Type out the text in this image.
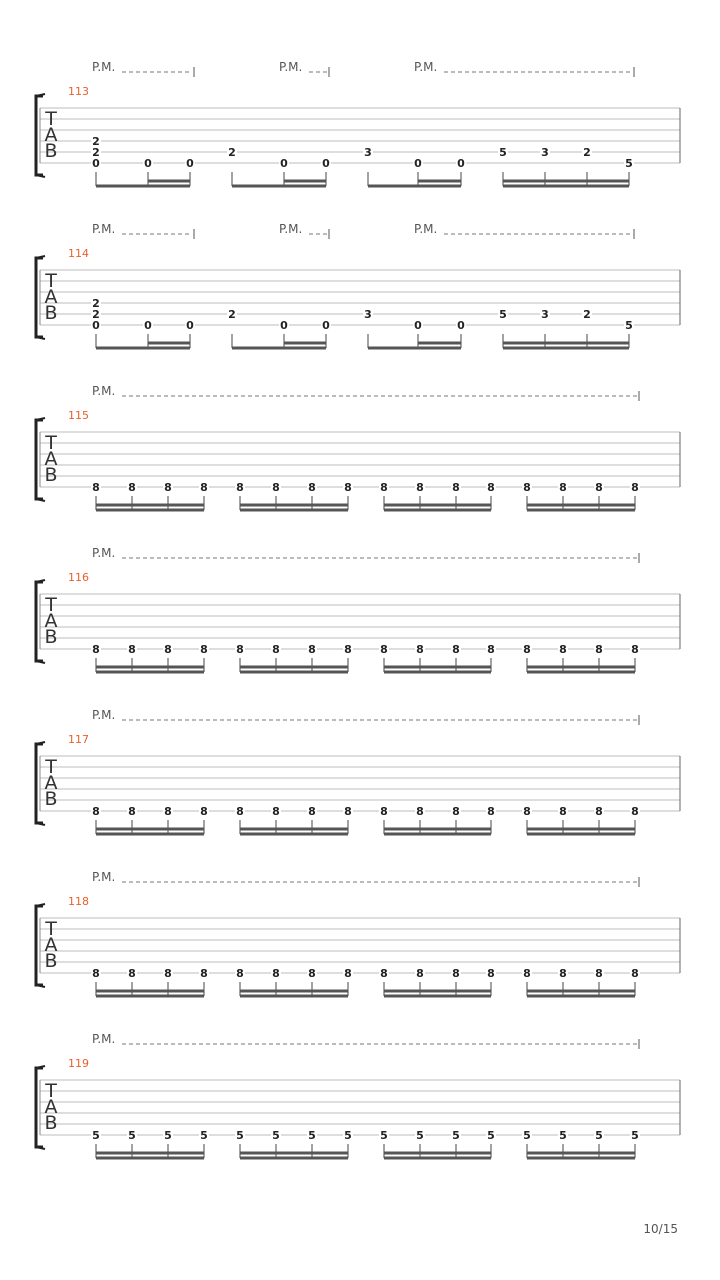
P.M.	P.M.	P.M.
113
T
A
B
0
2
2
0	0
2
0	0
3
0	0
5	3	2
5
P.M.	P.M.	P.M.
114
T
A
B
0
2
2
0	0
2
0	0
3
0	0
5	3	2
5
P.M.
115
T
A
B
8	8	8	8	8	8	8	8	8	8	8 8	8	8	8	8
P.M.
116
T
A
B
8	8	8	8	8	8	8	8	8	8	8 8	8	8	8	8
P.M.
117
T
A
B
8	8	8	8	8	8	8	8	8	8	8 8	8	8	8	8
P.M.
118
T
A
B
8	8	8	8	8	8	8	8	8	8	8 8	8	8	8	8
P.M.
119
T
A
B
5	5	5	5	5	5	5	5	5	5	5 5	5	5	5	5
10/15
